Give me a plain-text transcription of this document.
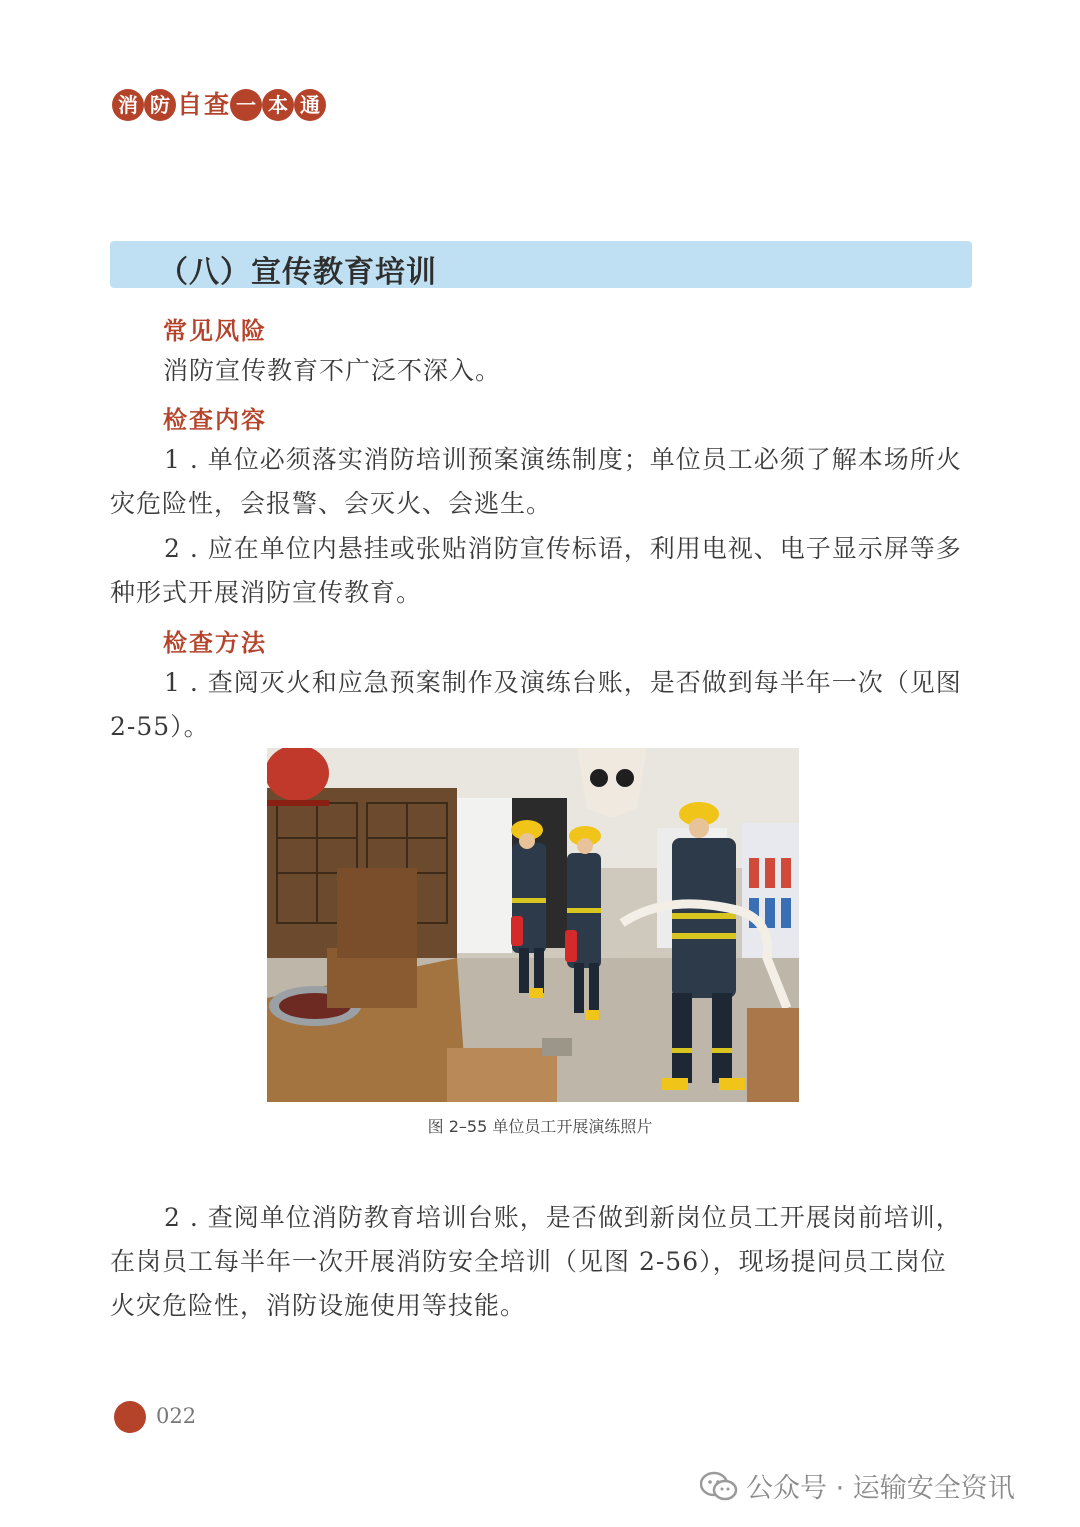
消 防 自 查 一 本 通
（八）宣传教育培训
常见风险
消防宣传教育不广泛不深入。
检查内容
1 . 单位必须落实消防培训预案演练制度；单位员工必须了解本场所火灾危险性，会报警、会灭火、会逃生。
2 . 应在单位内悬挂或张贴消防宣传标语，利用电视、电子显示屏等多种形式开展消防宣传教育。
检查方法
1 . 查阅灭火和应急预案制作及演练台账，是否做到每半年一次（见图 2-55）。
图 2–55 单位员工开展演练照片
2 . 查阅单位消防教育培训台账，是否做到新岗位员工开展岗前培训，在岗员工每半年一次开展消防安全培训（见图 2-56），现场提问员工岗位火灾危险性，消防设施使用等技能。
022
公众号 · 运输安全资讯
